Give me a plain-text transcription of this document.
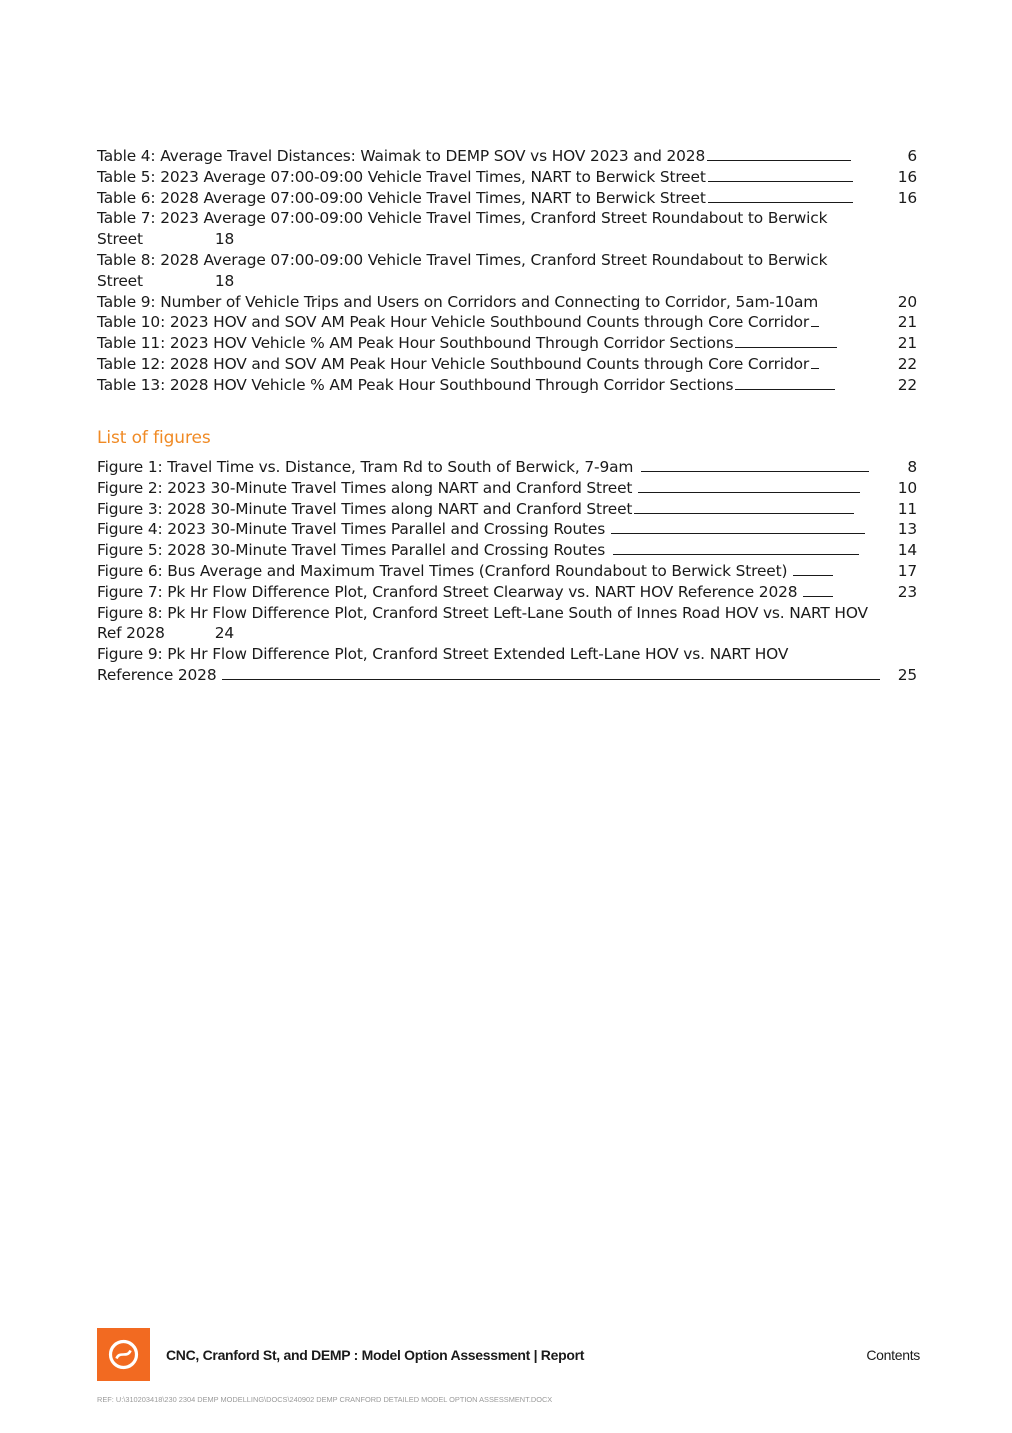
Table 4: Average Travel Distances: Waimak to DEMP SOV vs HOV 2023 and 2028	6
Table 5: 2023 Average 07:00-09:00 Vehicle Travel Times, NART to Berwick Street	16
Table 6: 2028 Average 07:00-09:00 Vehicle Travel Times, NART to Berwick Street	16
Table 7: 2023 Average 07:00-09:00 Vehicle Travel Times, Cranford Street Roundabout to Berwick
Street	18
Table 8: 2028 Average 07:00-09:00 Vehicle Travel Times, Cranford Street Roundabout to Berwick
Street	18
Table 9: Number of Vehicle Trips and Users on Corridors and Connecting to Corridor, 5am-10am	20
Table 10: 2023 HOV and SOV AM Peak Hour Vehicle Southbound Counts through Core Corridor	21
Table 11: 2023 HOV Vehicle % AM Peak Hour Southbound Through Corridor Sections	21
Table 12: 2028 HOV and SOV AM Peak Hour Vehicle Southbound Counts through Core Corridor	22
Table 13: 2028 HOV Vehicle % AM Peak Hour Southbound Through Corridor Sections	22
List of figures
Figure 1: Travel Time vs. Distance, Tram Rd to South of Berwick, 7-9am	8
Figure 2: 2023 30-Minute Travel Times along NART and Cranford Street	10
Figure 3: 2028 30-Minute Travel Times along NART and Cranford Street	11
Figure 4: 2023 30-Minute Travel Times Parallel and Crossing Routes	13
Figure 5: 2028 30-Minute Travel Times Parallel and Crossing Routes	14
Figure 6: Bus Average and Maximum Travel Times (Cranford Roundabout to Berwick Street)	17
Figure 7: Pk Hr Flow Difference Plot, Cranford Street Clearway vs. NART HOV Reference 2028	23
Figure 8: Pk Hr Flow Difference Plot, Cranford Street Left-Lane South of Innes Road HOV vs. NART HOV
Ref 2028	24
Figure 9: Pk Hr Flow Difference Plot, Cranford Street Extended Left-Lane HOV vs. NART HOV
Reference 2028	25
CNC, Cranford St, and DEMP : Model Option Assessment | Report	Contents
REF: U:\310203418\230 2304 DEMP MODELLING\DOCS\240902 DEMP CRANFORD DETAILED MODEL OPTION ASSESSMENT.DOCX
